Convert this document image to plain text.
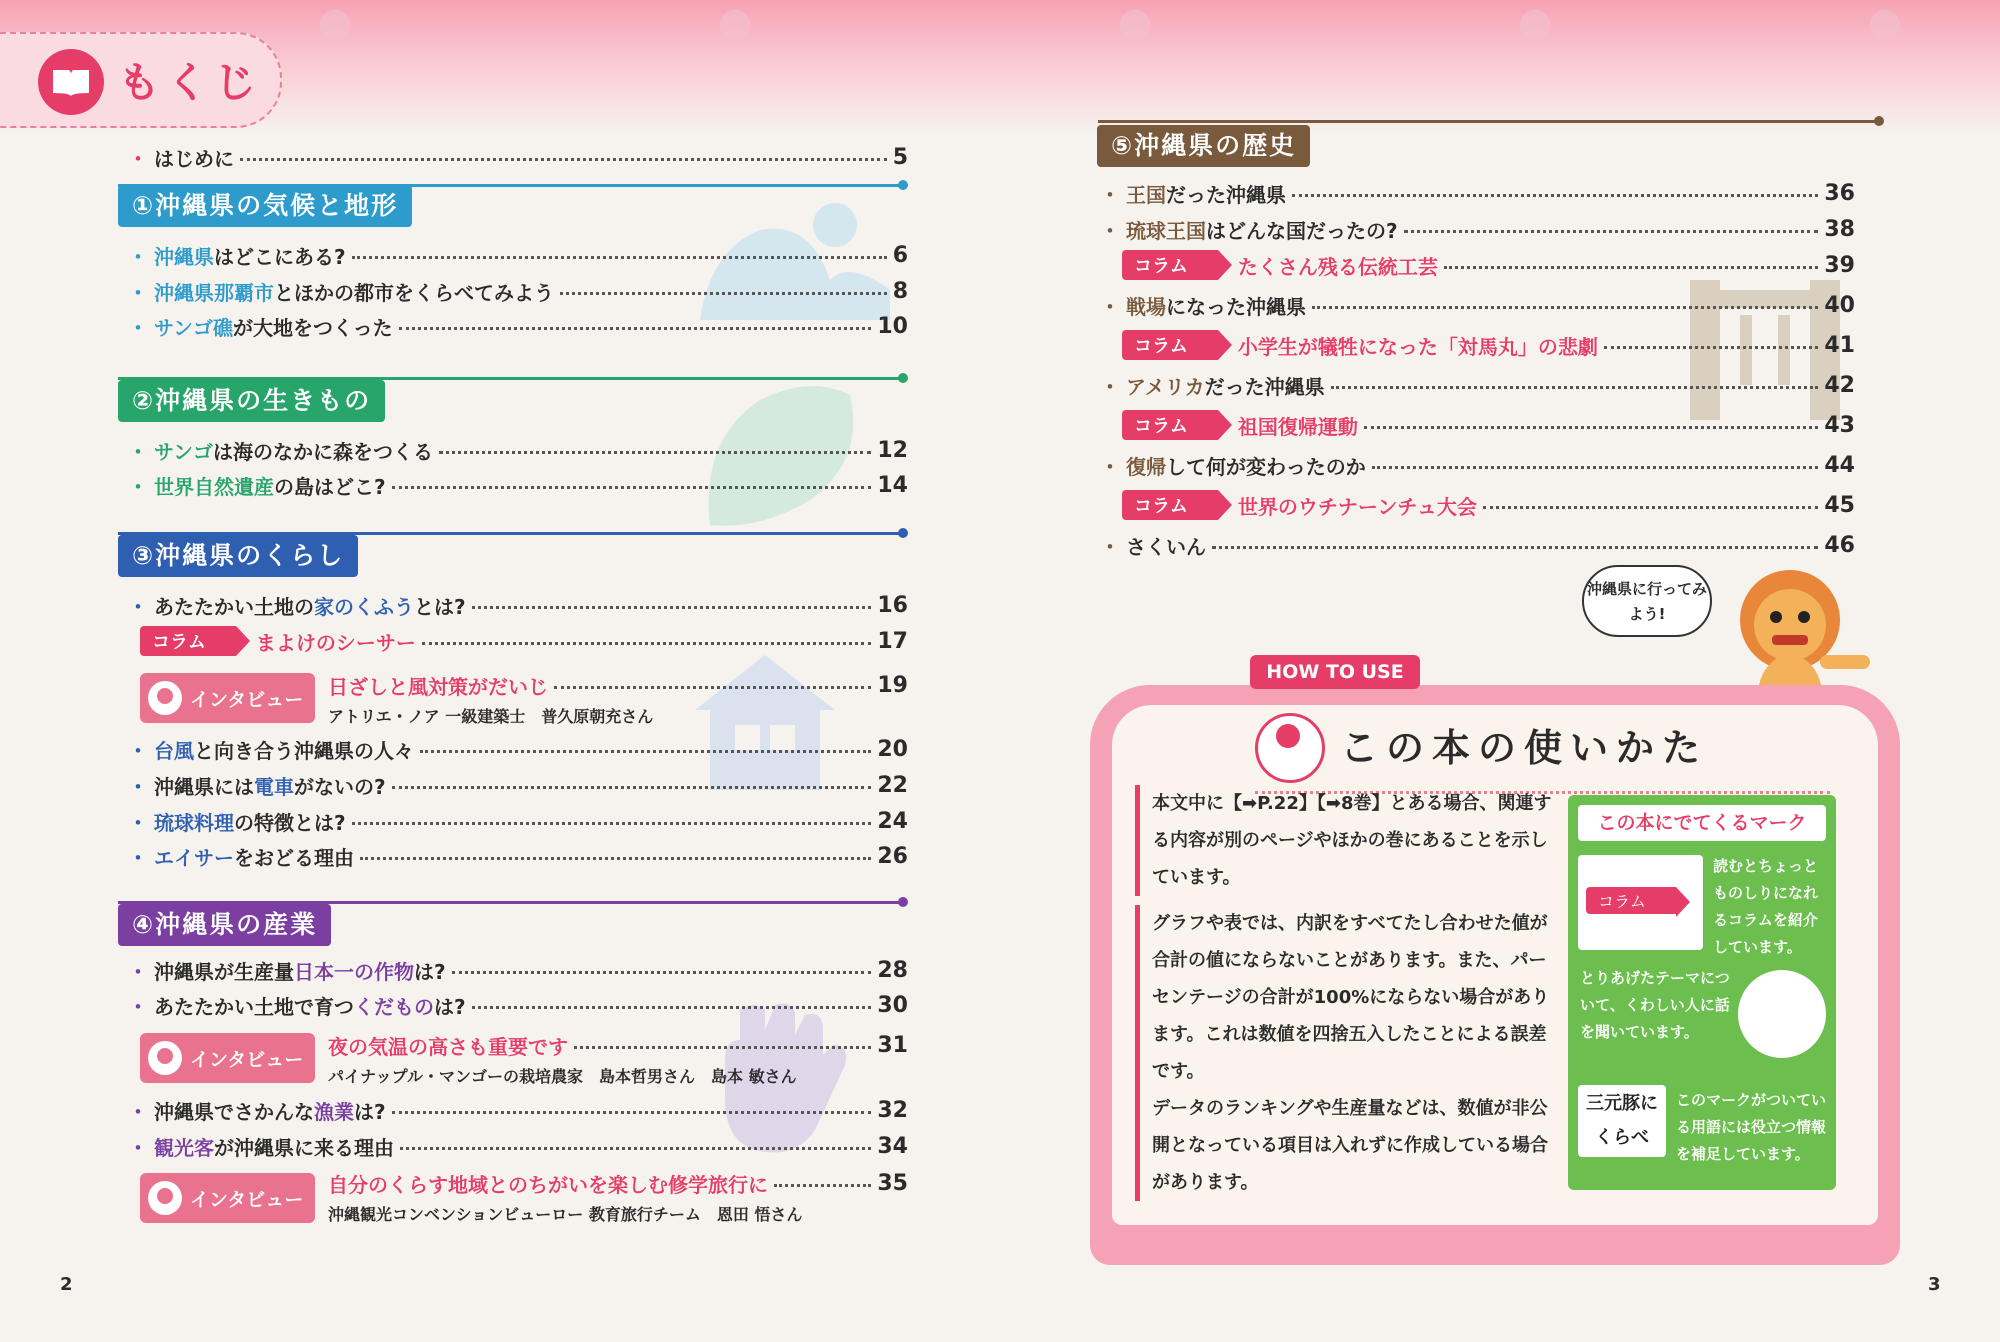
もくじ
・ はじめに	5
①沖縄県の気候と地形
・ 沖縄県 はどこにある?	6
・ 沖縄県那覇市 とほかの都市をくらべてみよう	8
・ サンゴ礁 が大地をつくった	10
②沖縄県の生きもの
・ サンゴ は海のなかに森をつくる	12
・ 世界自然遺産 の島はどこ?	14
③沖縄県のくらし
・ あたたかい土地の 家のくふう とは?	16
コラム	まよけのシーサー	17
インタビュー
日ざしと風対策がだいじ	19
アトリエ・ノア 一級建築士　普久原朝充さん
・ 台風 と向き合う沖縄県の人々	20
・ 沖縄県には 電車 がないの?	22
・ 琉球料理 の特徴とは?	24
・ エイサー をおどる理由	26
④沖縄県の産業
・ 沖縄県が生産量 日本一の作物 は?	28
・ あたたかい土地で育つ くだもの は?	30
インタビュー
夜の気温の高さも重要です	31
パイナップル・マンゴーの栽培農家　島本哲男さん　島本 敏さん
・ 沖縄県でさかんな 漁業 は?	32
・ 観光客 が沖縄県に来る理由	34
インタビュー
自分のくらす地域とのちがいを楽しむ修学旅行に	35
沖縄観光コンベンションビューロー 教育旅行チーム　恩田 悟さん
2
⑤沖縄県の歴史
・ 王国 だった沖縄県	36
・ 琉球王国 はどんな国だったの?	38
コラム	たくさん残る伝統工芸	39
・ 戦場 になった沖縄県	40
コラム	小学生が犠牲になった「対馬丸」の悲劇	41
・ アメリカ だった沖縄県	42
コラム	祖国復帰運動	43
・ 復帰 して何が変わったのか	44
コラム	世界のウチナーンチュ大会	45
・ さくいん	46
沖縄県に行ってみよう!
HOW TO USE
この本の使いかた
本文中に【➡P.22】【➡8巻】とある場合、関連する内容が別のページやほかの巻にあることを示しています。
グラフや表では、内訳をすべてたし合わせた値が合計の値にならないことがあります。また、パーセンテージの合計が100%にならない場合があります。これは数値を四捨五入したことによる誤差です。
データのランキングや生産量などは、数値が非公開となっている項目は入れずに作成している場合があります。
この本にでてくるマーク
コラム
読むとちょっとものしりになれるコラムを紹介しています。
とりあげたテーマについて、くわしい人に話を聞いています。
三元豚にくらべ
このマークがついている用語には役立つ情報を補足しています。
3
